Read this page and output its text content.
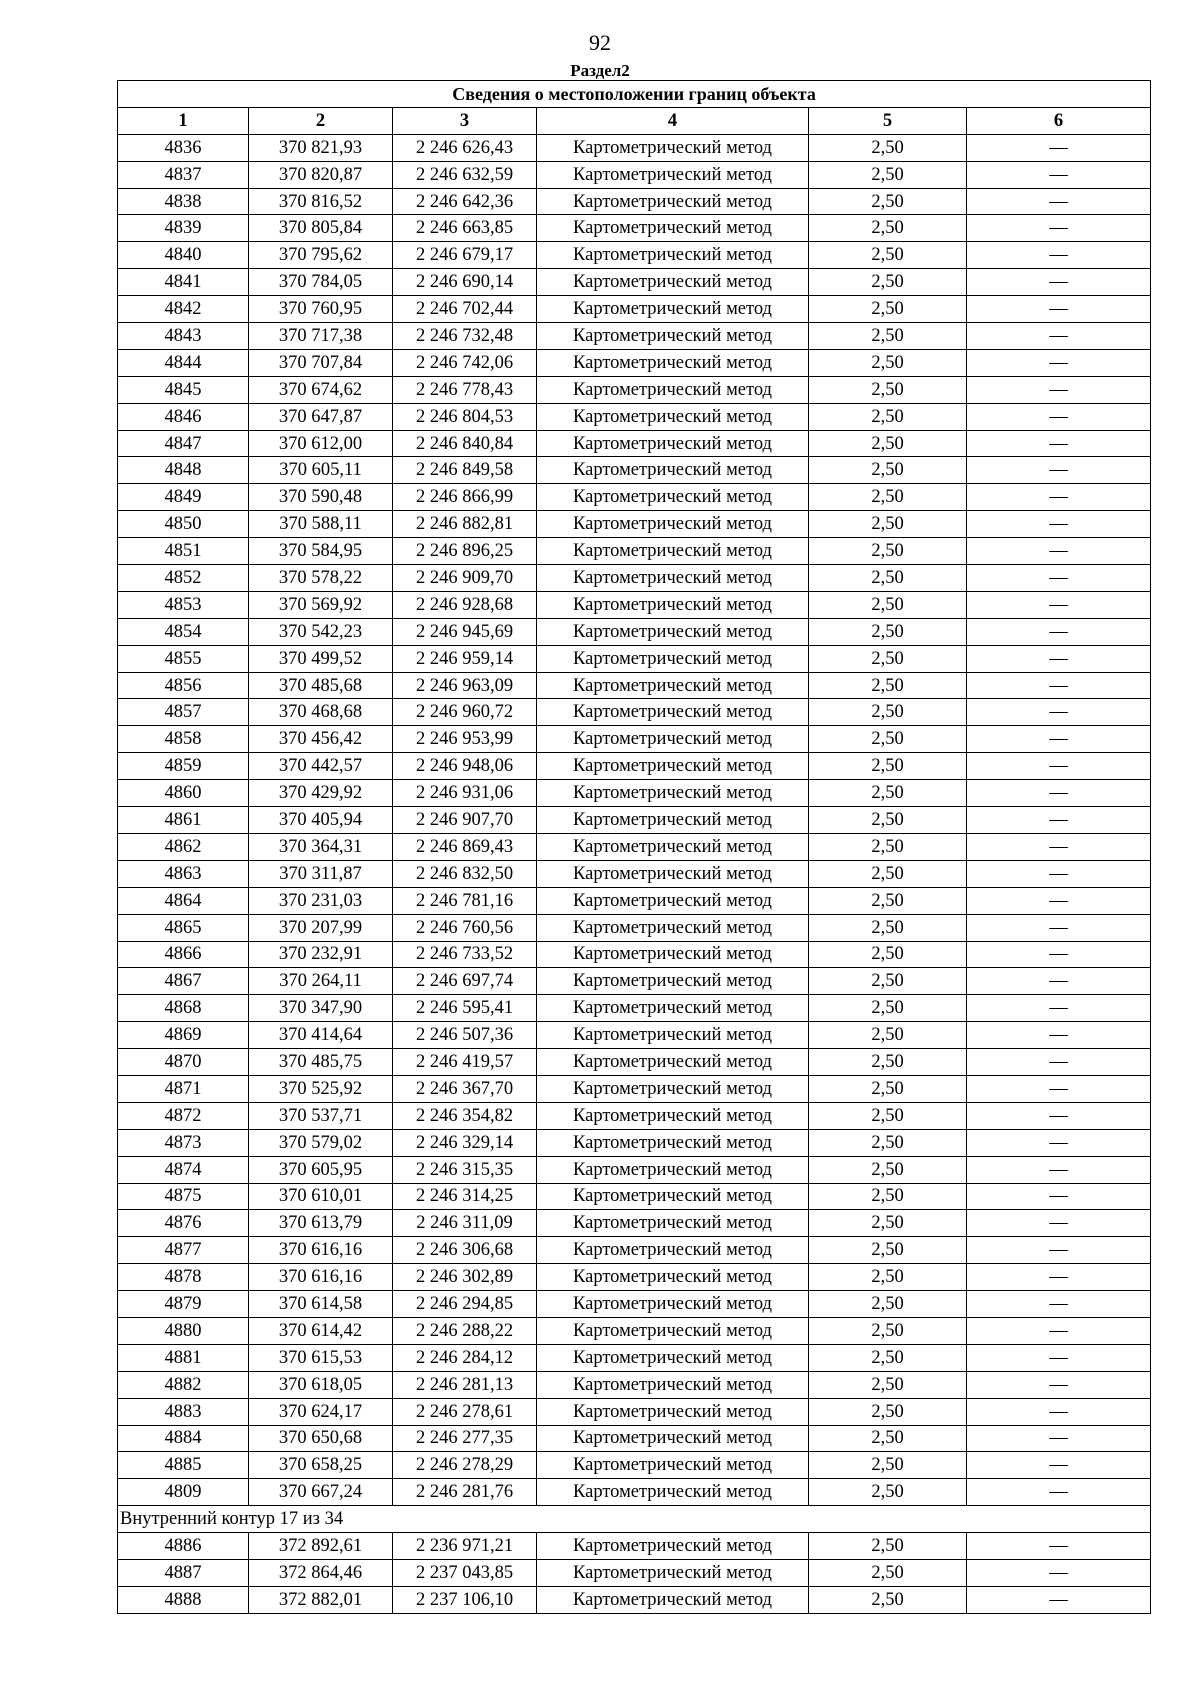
92
Раздел2
Сведения о местоположении границ объекта					
1	2	3	4	5	6
4836	370 821,93	2 246 626,43	Картометрический метод	2,50	—
4837	370 820,87	2 246 632,59	Картометрический метод	2,50	—
4838	370 816,52	2 246 642,36	Картометрический метод	2,50	—
4839	370 805,84	2 246 663,85	Картометрический метод	2,50	—
4840	370 795,62	2 246 679,17	Картометрический метод	2,50	—
4841	370 784,05	2 246 690,14	Картометрический метод	2,50	—
4842	370 760,95	2 246 702,44	Картометрический метод	2,50	—
4843	370 717,38	2 246 732,48	Картометрический метод	2,50	—
4844	370 707,84	2 246 742,06	Картометрический метод	2,50	—
4845	370 674,62	2 246 778,43	Картометрический метод	2,50	—
4846	370 647,87	2 246 804,53	Картометрический метод	2,50	—
4847	370 612,00	2 246 840,84	Картометрический метод	2,50	—
4848	370 605,11	2 246 849,58	Картометрический метод	2,50	—
4849	370 590,48	2 246 866,99	Картометрический метод	2,50	—
4850	370 588,11	2 246 882,81	Картометрический метод	2,50	—
4851	370 584,95	2 246 896,25	Картометрический метод	2,50	—
4852	370 578,22	2 246 909,70	Картометрический метод	2,50	—
4853	370 569,92	2 246 928,68	Картометрический метод	2,50	—
4854	370 542,23	2 246 945,69	Картометрический метод	2,50	—
4855	370 499,52	2 246 959,14	Картометрический метод	2,50	—
4856	370 485,68	2 246 963,09	Картометрический метод	2,50	—
4857	370 468,68	2 246 960,72	Картометрический метод	2,50	—
4858	370 456,42	2 246 953,99	Картометрический метод	2,50	—
4859	370 442,57	2 246 948,06	Картометрический метод	2,50	—
4860	370 429,92	2 246 931,06	Картометрический метод	2,50	—
4861	370 405,94	2 246 907,70	Картометрический метод	2,50	—
4862	370 364,31	2 246 869,43	Картометрический метод	2,50	—
4863	370 311,87	2 246 832,50	Картометрический метод	2,50	—
4864	370 231,03	2 246 781,16	Картометрический метод	2,50	—
4865	370 207,99	2 246 760,56	Картометрический метод	2,50	—
4866	370 232,91	2 246 733,52	Картометрический метод	2,50	—
4867	370 264,11	2 246 697,74	Картометрический метод	2,50	—
4868	370 347,90	2 246 595,41	Картометрический метод	2,50	—
4869	370 414,64	2 246 507,36	Картометрический метод	2,50	—
4870	370 485,75	2 246 419,57	Картометрический метод	2,50	—
4871	370 525,92	2 246 367,70	Картометрический метод	2,50	—
4872	370 537,71	2 246 354,82	Картометрический метод	2,50	—
4873	370 579,02	2 246 329,14	Картометрический метод	2,50	—
4874	370 605,95	2 246 315,35	Картометрический метод	2,50	—
4875	370 610,01	2 246 314,25	Картометрический метод	2,50	—
4876	370 613,79	2 246 311,09	Картометрический метод	2,50	—
4877	370 616,16	2 246 306,68	Картометрический метод	2,50	—
4878	370 616,16	2 246 302,89	Картометрический метод	2,50	—
4879	370 614,58	2 246 294,85	Картометрический метод	2,50	—
4880	370 614,42	2 246 288,22	Картометрический метод	2,50	—
4881	370 615,53	2 246 284,12	Картометрический метод	2,50	—
4882	370 618,05	2 246 281,13	Картометрический метод	2,50	—
4883	370 624,17	2 246 278,61	Картометрический метод	2,50	—
4884	370 650,68	2 246 277,35	Картометрический метод	2,50	—
4885	370 658,25	2 246 278,29	Картометрический метод	2,50	—
4809	370 667,24	2 246 281,76	Картометрический метод	2,50	—
Внутренний контур 17 из 34					
4886	372 892,61	2 236 971,21	Картометрический метод	2,50	—
4887	372 864,46	2 237 043,85	Картометрический метод	2,50	—
4888	372 882,01	2 237 106,10	Картометрический метод	2,50	—
